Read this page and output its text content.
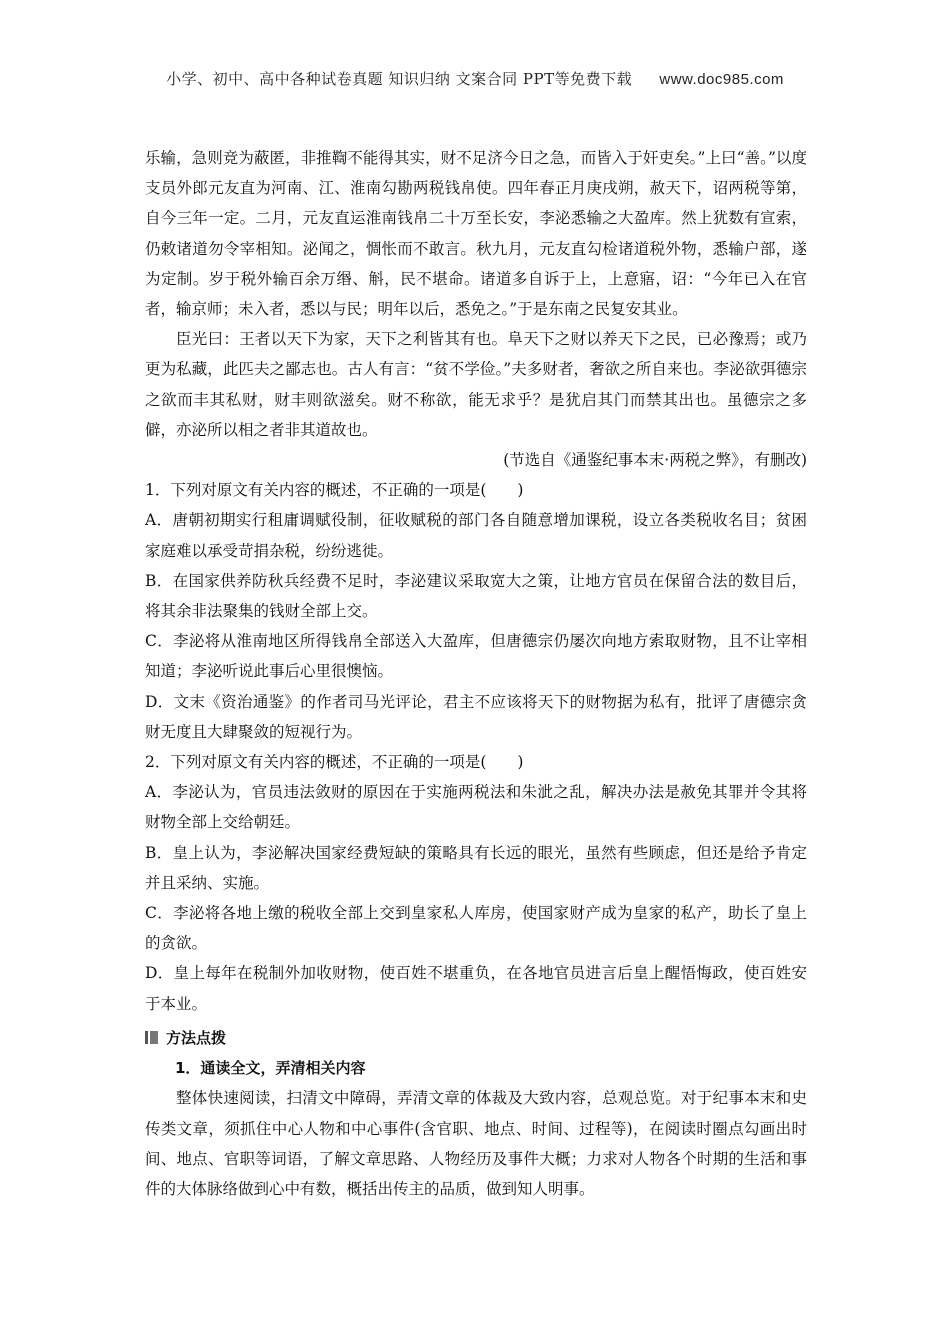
小学、初中、高中各种试卷真题 知识归纳 文案合同 PPT等免费下载 www.doc985.com

乐输，急则竞为蔽匿，非推鞫不能得其实，财不足济今日之急，而皆入于奸吏矣。”上曰“善。”以度支员外郎元友直为河南、江、淮南勾勘两税钱帛使。四年春正月庚戌朔，赦天下，诏两税等第，自今三年一定。二月，元友直运淮南钱帛二十万至长安，李泌悉输之大盈库。然上犹数有宣索，仍敕诸道勿令宰相知。泌闻之，惆怅而不敢言。秋九月，元友直勾检诸道税外物，悉输户部，遂为定制。岁于税外输百余万缗、斛，民不堪命。诸道多自诉于上，上意寤，诏：“今年已入在官者，输京师；未入者，悉以与民；明年以后，悉免之。”于是东南之民复安其业。

臣光曰：王者以天下为家，天下之利皆其有也。阜天下之财以养天下之民，已必豫焉；或乃更为私藏，此匹夫之鄙志也。古人有言：“贫不学俭。”夫多财者，奢欲之所自来也。李泌欲弭德宗之欲而丰其私财，财丰则欲滋矣。财不称欲，能无求乎？是犹启其门而禁其出也。虽德宗之多僻，亦泌所以相之者非其道故也。

(节选自《通鉴纪事本末·两税之弊》，有删改)

1．下列对原文有关内容的概述，不正确的一项是(　　)

A．唐朝初期实行租庸调赋役制，征收赋税的部门各自随意增加课税，设立各类税收名目；贫困家庭难以承受苛捐杂税，纷纷逃徙。

B．在国家供养防秋兵经费不足时，李泌建议采取宽大之策，让地方官员在保留合法的数目后，将其余非法聚集的钱财全部上交。

C．李泌将从淮南地区所得钱帛全部送入大盈库，但唐德宗仍屡次向地方索取财物，且不让宰相知道；李泌听说此事后心里很懊恼。

D．文末《资治通鉴》的作者司马光评论，君主不应该将天下的财物据为私有，批评了唐德宗贪财无度且大肆聚敛的短视行为。

2．下列对原文有关内容的概述，不正确的一项是(　　)

A．李泌认为，官员违法敛财的原因在于实施两税法和朱泚之乱，解决办法是赦免其罪并令其将财物全部上交给朝廷。

B．皇上认为，李泌解决国家经费短缺的策略具有长远的眼光，虽然有些顾虑，但还是给予肯定并且采纳、实施。

C．李泌将各地上缴的税收全部上交到皇家私人库房，使国家财产成为皇家的私产，助长了皇上的贪欲。

D．皇上每年在税制外加收财物，使百姓不堪重负，在各地官员进言后皇上醒悟悔政，使百姓安于本业。

方法点拨

1．通读全文，弄清相关内容

整体快速阅读，扫清文中障碍，弄清文章的体裁及大致内容，总观总览。对于纪事本末和史传类文章，须抓住中心人物和中心事件(含官职、地点、时间、过程等)，在阅读时圈点勾画出时间、地点、官职等词语，了解文章思路、人物经历及事件大概；力求对人物各个时期的生活和事件的大体脉络做到心中有数，概括出传主的品质，做到知人明事。
